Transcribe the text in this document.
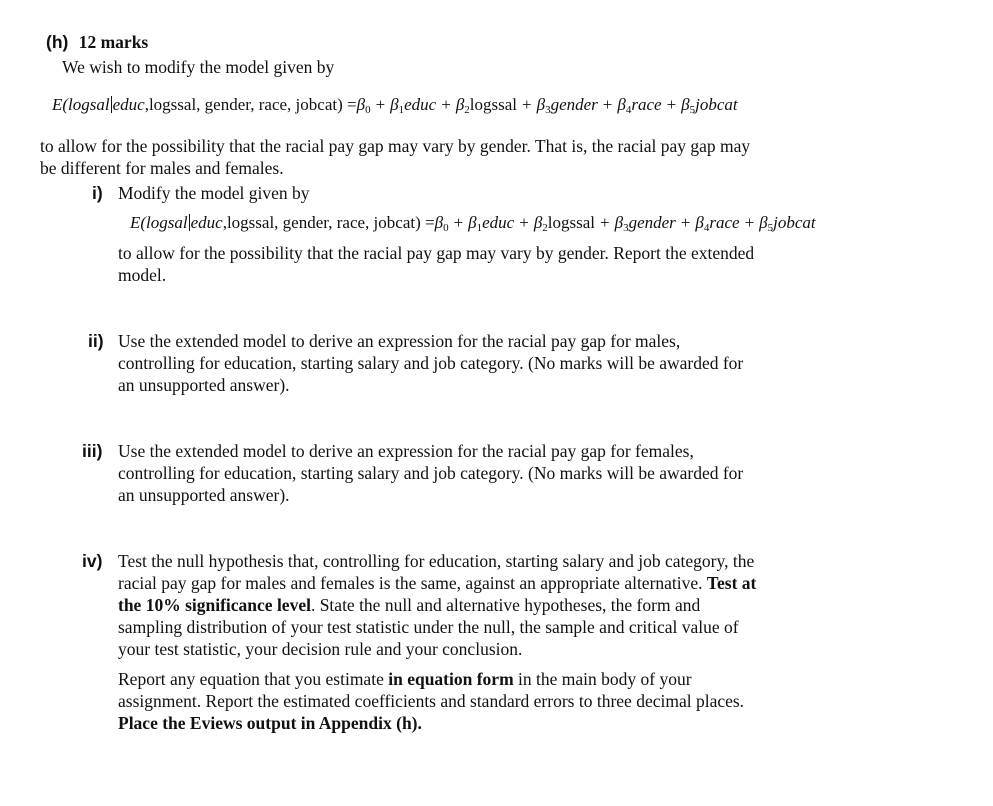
(h) 12 marks
We wish to modify the model given by
E(logsal educ,logssal, gender, race, jobcat) $=\beta_0$ + $\beta_1educ$ + $\beta_2logssal$ + $\beta_3gender$ + $\beta_4race$ + $\beta_5jobcat$
to allow for the possibility that the racial pay gap may vary by gender. That is, the racial pay gap may
be different for males and females.
i) Modify the model given by
E(logsal educ,logssal, gender, race, jobcat) $=\beta_0$ + $\beta_1educ$ + $\beta_2logssal$ + $\beta_3gender$ + $\beta_4race$ + $\beta_5jobcat$
to allow for the possibility that the racial pay gap may vary by gender. Report the extended
model.
ii) Use the extended model to derive an expression for the racial pay gap for males,
controlling for education, starting salary and job category. (No marks will be awarded for
an unsupported answer).
iii) Use the extended model to derive an expression for the racial pay gap for females,
controlling for education, starting salary and job category. (No marks will be awarded for
an unsupported answer).
iv) Test the null hypothesis that, controlling for education, starting salary and job category, the
racial pay gap for males and females is the same, against an appropriate alternative. Test at
the 10% significance level. State the null and alternative hypotheses, the form and
sampling distribution of your test statistic under the null, the sample and critical value of
your test statistic, your decision rule and your conclusion.
Report any equation that you estimate in equation form in the main body of your
assignment. Report the estimated coefficients and standard errors to three decimal places.
Place the Eviews output in Appendix (h).
